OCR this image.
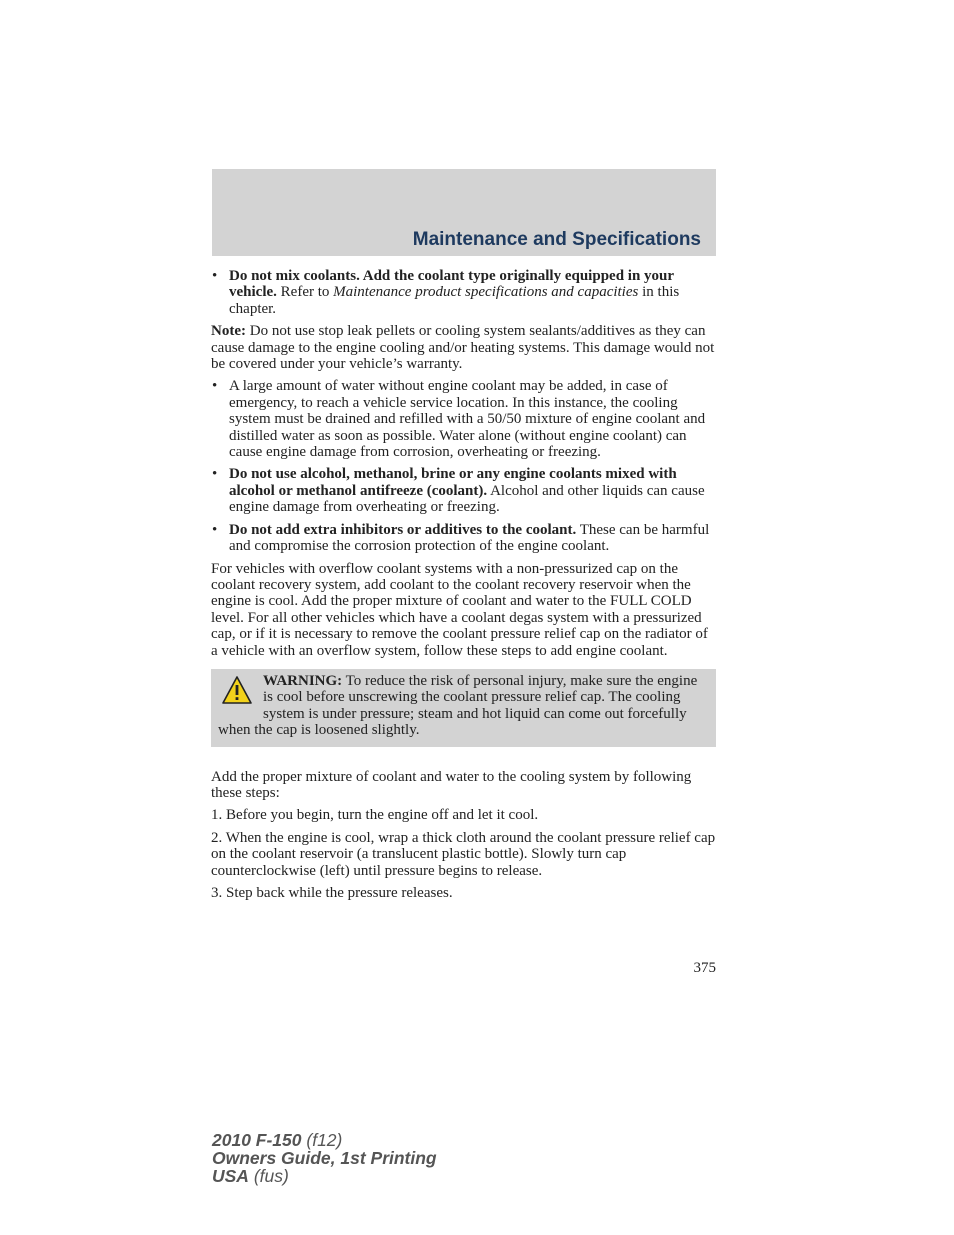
Maintenance and Specifications
• Do not mix coolants. Add the coolant type originally equipped in your vehicle. Refer to Maintenance product specifications and capacities in this chapter.
Note: Do not use stop leak pellets or cooling system sealants/additives as they can cause damage to the engine cooling and/or heating systems. This damage would not be covered under your vehicle’s warranty.
• A large amount of water without engine coolant may be added, in case of emergency, to reach a vehicle service location. In this instance, the cooling system must be drained and refilled with a 50/50 mixture of engine coolant and distilled water as soon as possible. Water alone (without engine coolant) can cause engine damage from corrosion, overheating or freezing.
• Do not use alcohol, methanol, brine or any engine coolants mixed with alcohol or methanol antifreeze (coolant). Alcohol and other liquids can cause engine damage from overheating or freezing.
• Do not add extra inhibitors or additives to the coolant. These can be harmful and compromise the corrosion protection of the engine coolant.
For vehicles with overflow coolant systems with a non-pressurized cap on the coolant recovery system, add coolant to the coolant recovery reservoir when the engine is cool. Add the proper mixture of coolant and water to the FULL COLD level. For all other vehicles which have a coolant degas system with a pressurized cap, or if it is necessary to remove the coolant pressure relief cap on the radiator of a vehicle with an overflow system, follow these steps to add engine coolant.
WARNING: To reduce the risk of personal injury, make sure the engine is cool before unscrewing the coolant pressure relief cap. The cooling system is under pressure; steam and hot liquid can come out forcefully when the cap is loosened slightly.
Add the proper mixture of coolant and water to the cooling system by following these steps:
1. Before you begin, turn the engine off and let it cool.
2. When the engine is cool, wrap a thick cloth around the coolant pressure relief cap on the coolant reservoir (a translucent plastic bottle). Slowly turn cap counterclockwise (left) until pressure begins to release.
3. Step back while the pressure releases.
375
2010 F-150 (f12)
Owners Guide, 1st Printing
USA (fus)
